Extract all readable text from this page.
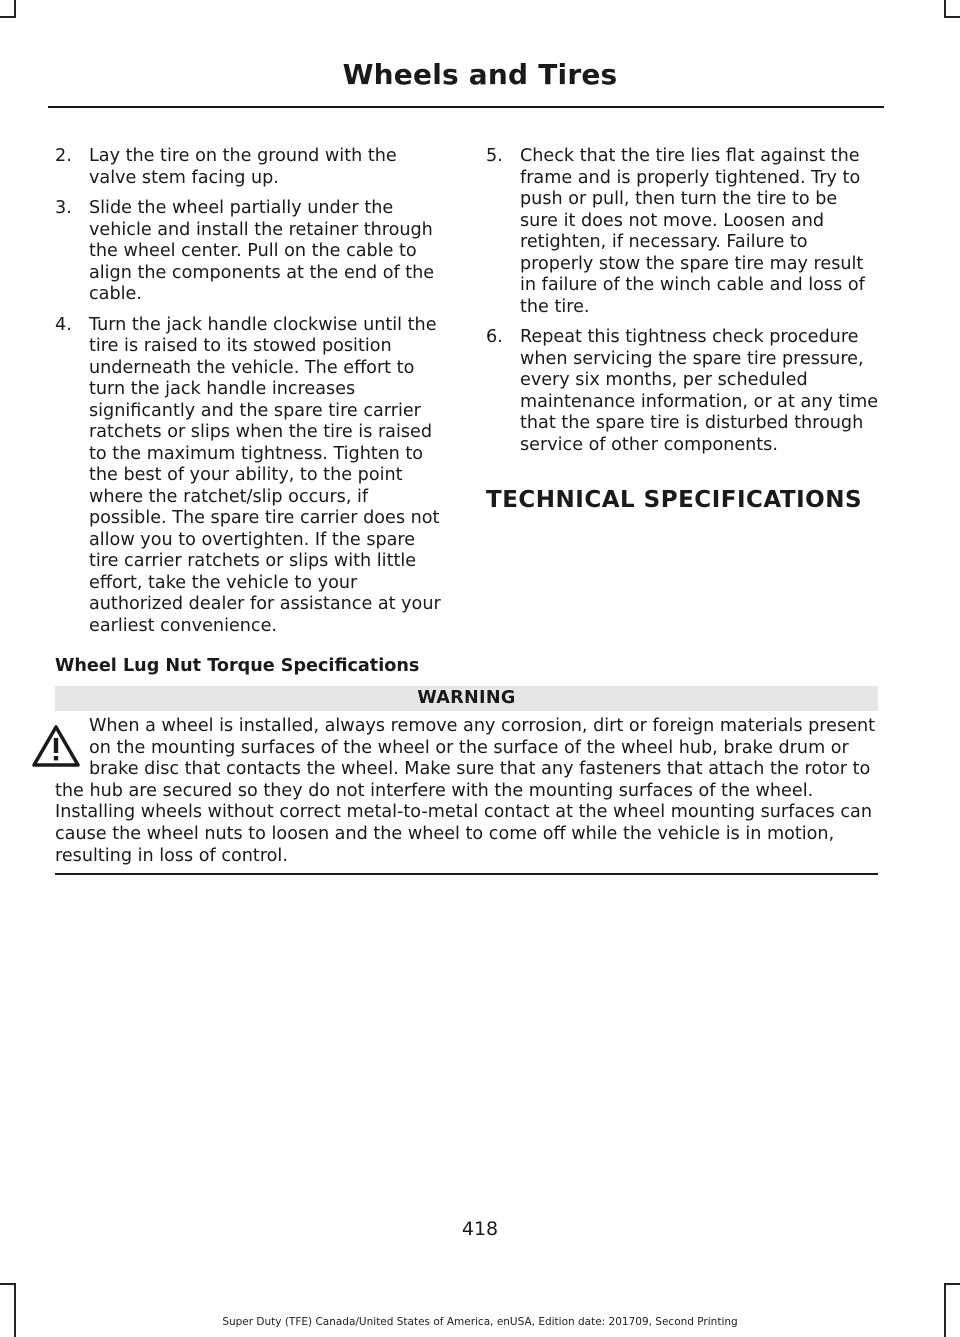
Wheels and Tires
2. Lay the tire on the ground with the valve stem facing up.
3. Slide the wheel partially under the vehicle and install the retainer through the wheel center. Pull on the cable to align the components at the end of the cable.
4. Turn the jack handle clockwise until the tire is raised to its stowed position underneath the vehicle. The effort to turn the jack handle increases significantly and the spare tire carrier ratchets or slips when the tire is raised to the maximum tightness. Tighten to the best of your ability, to the point where the ratchet/slip occurs, if possible. The spare tire carrier does not allow you to overtighten. If the spare tire carrier ratchets or slips with little effort, take the vehicle to your authorized dealer for assistance at your earliest convenience.
5. Check that the tire lies flat against the frame and is properly tightened. Try to push or pull, then turn the tire to be sure it does not move. Loosen and retighten, if necessary. Failure to properly stow the spare tire may result in failure of the winch cable and loss of the tire.
6. Repeat this tightness check procedure when servicing the spare tire pressure, every six months, per scheduled maintenance information, or at any time that the spare tire is disturbed through service of other components.
TECHNICAL SPECIFICATIONS
Wheel Lug Nut Torque Specifications
WARNING
When a wheel is installed, always remove any corrosion, dirt or foreign materials present on the mounting surfaces of the wheel or the surface of the wheel hub, brake drum or brake disc that contacts the wheel. Make sure that any fasteners that attach the rotor to the hub are secured so they do not interfere with the mounting surfaces of the wheel. Installing wheels without correct metal-to-metal contact at the wheel mounting surfaces can cause the wheel nuts to loosen and the wheel to come off while the vehicle is in motion, resulting in loss of control.
418
Super Duty (TFE) Canada/United States of America, enUSA, Edition date: 201709, Second Printing
